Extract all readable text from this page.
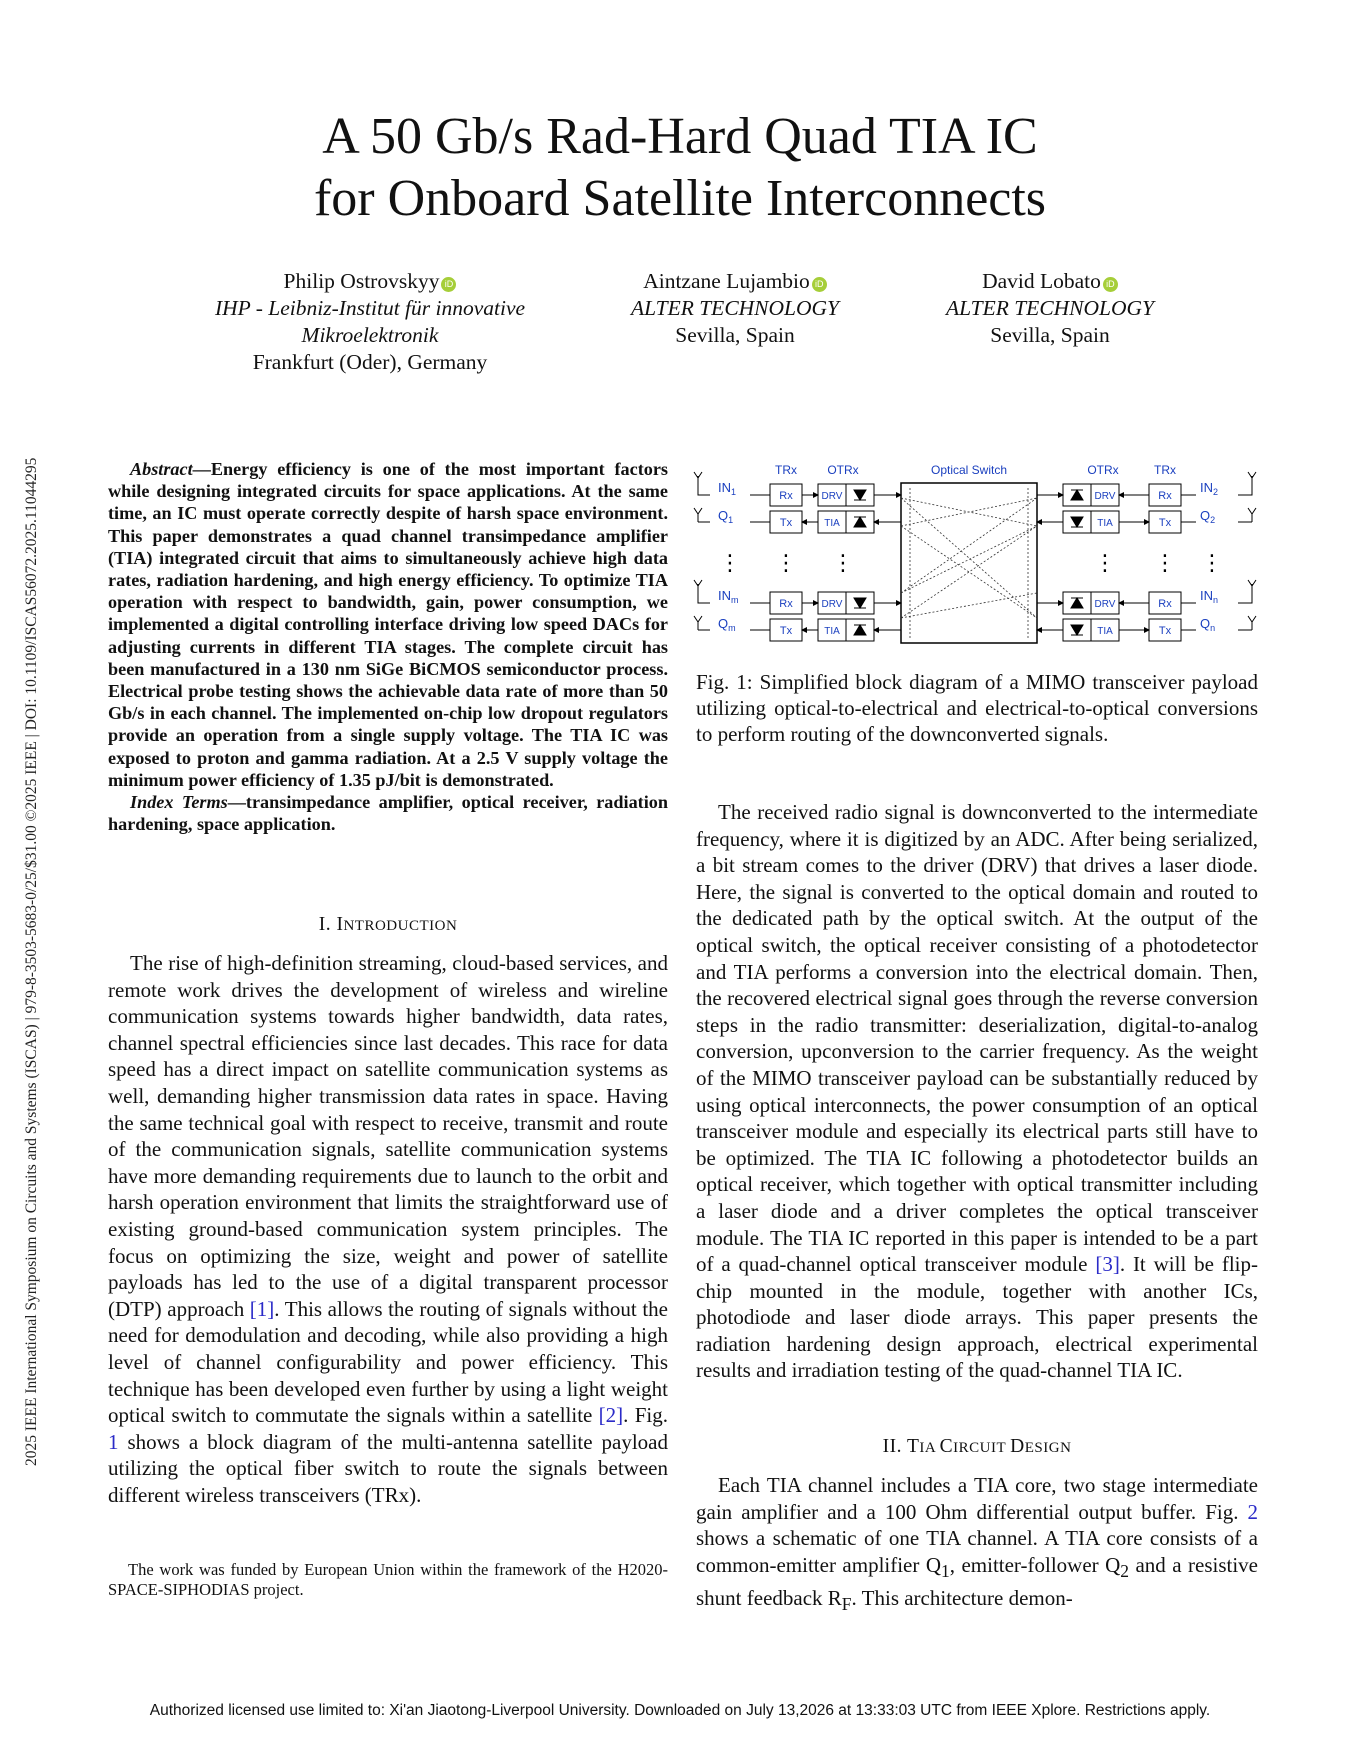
2025 IEEE International Symposium on Circuits and Systems (ISCAS) | 979-8-3503-5683-0/25/$31.00 ©2025 IEEE | DOI: 10.1109/ISCAS56072.2025.11044295
A 50 Gb/s Rad-Hard Quad TIA IC
for Onboard Satellite Interconnects
Philip Ostrovskyy iD
IHP - Leibniz-Institut für innovative
Mikroelektronik
Frankfurt (Oder), Germany
Aintzane Lujambio iD
ALTER TECHNOLOGY
Sevilla, Spain
David Lobato iD
ALTER TECHNOLOGY
Sevilla, Spain

Abstract—Energy efficiency is one of the most important factors while designing integrated circuits for space applications. At the same time, an IC must operate correctly despite of harsh space environment. This paper demonstrates a quad channel transimpedance amplifier (TIA) integrated circuit that aims to simultaneously achieve high data rates, radiation hardening, and high energy efficiency. To optimize TIA operation with respect to bandwidth, gain, power consumption, we implemented a digital controlling interface driving low speed DACs for adjusting currents in different TIA stages. The complete circuit has been manufactured in a 130 nm SiGe BiCMOS semiconductor process. Electrical probe testing shows the achievable data rate of more than 50 Gb/s in each channel. The implemented on-chip low dropout regulators provide an operation from a single supply voltage. The TIA IC was exposed to proton and gamma radiation. At a 2.5 V supply voltage the minimum power efficiency of 1.35 pJ/bit is demonstrated.

Index Terms—transimpedance amplifier, optical receiver, radiation hardening, space application.

I. INTRODUCTION

The rise of high-definition streaming, cloud-based services, and remote work drives the development of wireless and wireline communication systems towards higher bandwidth, data rates, channel spectral efficiencies since last decades. This race for data speed has a direct impact on satellite communication systems as well, demanding higher transmission data rates in space. Having the same technical goal with respect to receive, transmit and route of the communication signals, satellite communication systems have more demanding requirements due to launch to the orbit and harsh operation environment that limits the straightforward use of existing ground-based communication system principles. The focus on optimizing the size, weight and power of satellite payloads has led to the use of a digital transparent processor (DTP) approach [1]. This allows the routing of signals without the need for demodulation and decoding, while also providing a high level of channel configurability and power efficiency. This technique has been developed even further by using a light weight optical switch to commutate the signals within a satellite [2]. Fig. 1 shows a block diagram of the multi-antenna satellite payload utilizing the optical fiber switch to route the signals between different wireless transceivers (TRx).

The work was funded by European Union within the framework of the H2020-SPACE-SIPHODIAS project.

TRx	OTRx	Optical Switch	OTRx	TRx
$IN_1$
$Q_1$
Rx
Tx
DRV
TIA
$IN_m$
$Q_m$
Rx
Tx
DRV
TIA
⋮ ⋮
⋮
DRV
TIA
Rx
Tx
$IN_2$
$Q_2$
DRV
TIA
Rx
Tx
$IN_n$
$Q_n$
⋮ ⋮ ⋮
Fig. 1: Simplified block diagram of a MIMO transceiver payload utilizing optical-to-electrical and electrical-to-optical conversions to perform routing of the downconverted signals.

The received radio signal is downconverted to the intermediate frequency, where it is digitized by an ADC. After being serialized, a bit stream comes to the driver (DRV) that drives a laser diode. Here, the signal is converted to the optical domain and routed to the dedicated path by the optical switch. At the output of the optical switch, the optical receiver consisting of a photodetector and TIA performs a conversion into the electrical domain. Then, the recovered electrical signal goes through the reverse conversion steps in the radio transmitter: deserialization, digital-to-analog conversion, upconversion to the carrier frequency. As the weight of the MIMO transceiver payload can be substantially reduced by using optical interconnects, the power consumption of an optical transceiver module and especially its electrical parts still have to be optimized. The TIA IC following a photodetector builds an optical receiver, which together with optical transmitter including a laser diode and a driver completes the optical transceiver module. The TIA IC reported in this paper is intended to be a part of a quad-channel optical transceiver module [3]. It will be flip-chip mounted in the module, together with another ICs, photodiode and laser diode arrays. This paper presents the radiation hardening design approach, electrical experimental results and irradiation testing of the quad-channel TIA IC.

II. TIA CIRCUIT DESIGN

Each TIA channel includes a TIA core, two stage intermediate gain amplifier and a 100 Ohm differential output buffer. Fig. 2 shows a schematic of one TIA channel. A TIA core consists of a common-emitter amplifier $Q_1$, emitter-follower $Q_2$ and a resistive shunt feedback $R_F$. This architecture demon-

Authorized licensed use limited to: Xi'an Jiaotong-Liverpool University. Downloaded on July 13,2026 at 13:33:03 UTC from IEEE Xplore. Restrictions apply.
